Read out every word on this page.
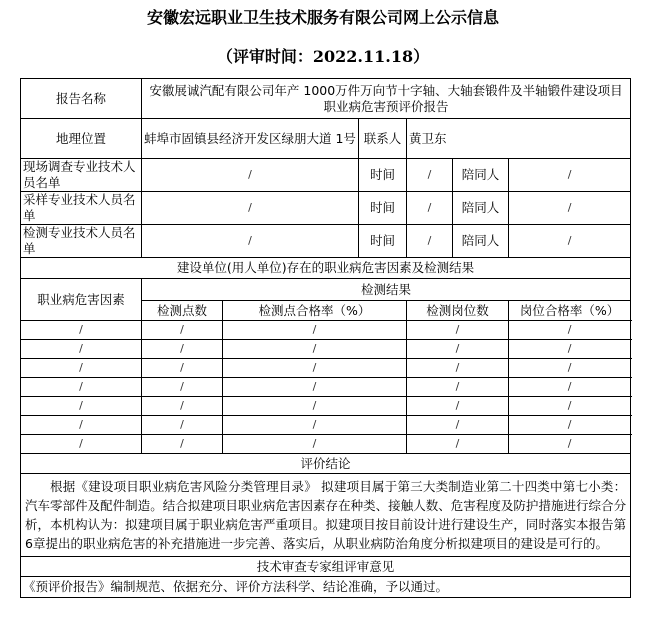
安徽宏远职业卫生技术服务有限公司网上公示信息
（评审时间：2022.11.18）
报告名称	安徽展诚汽配有限公司年产 1000万件万向节十字轴、大轴套锻件及半轴锻件建设项目职业病危害预评价报告					
地理位置	蚌埠市固镇县经济开发区绿朋大道 1号		联系人	黄卫东		
现场调查专业技术人员名单	/		时间	/	陪同人	/
采样专业技术人员名单	/		时间	/	陪同人	/
检测专业技术人员名单	/		时间	/	陪同人	/
建设单位(用人单位)存在的职业病危害因素及检测结果						
职业病危害因素	检测结果					
	检测点数	检测点合格率（%）		检测岗位数		岗位合格率（%）
/	/	/		/		/
/	/	/		/		/
/	/	/		/		/
/	/	/		/		/
/	/	/		/		/
/	/	/		/		/
/	/	/		/		/
评价结论						
根据《建设项目职业病危害风险分类管理目录》 拟建项目属于第三大类制造业第二十四类中第七小类：汽车零部件及配件制造。结合拟建项目职业病危害因素存在种类、接触人数、危害程度及防护措施进行综合分析，本机构认为：拟建项目属于职业病危害严重项目。拟建项目按目前设计进行建设生产，同时落实本报告第 6章提出的职业病危害的补充措施进一步完善、落实后，从职业病防治角度分析拟建项目的建设是可行的。						
技术审查专家组评审意见						
《预评价报告》编制规范、依据充分、评价方法科学、结论准确，予以通过。						
